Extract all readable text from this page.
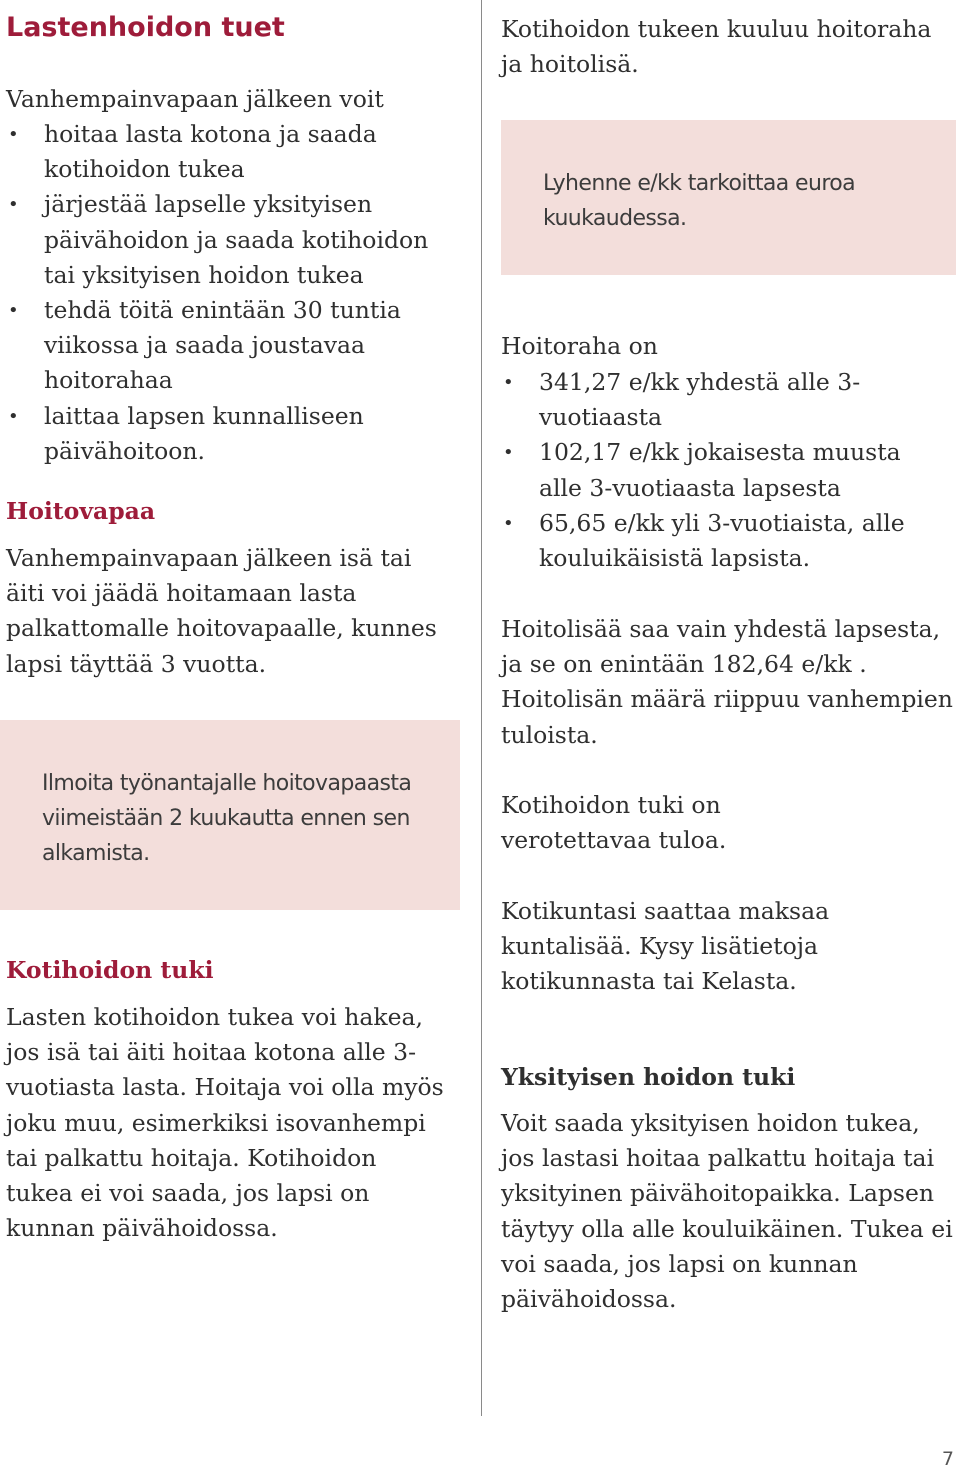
Lastenhoidon tuet

Vanhempainvapaan jälkeen voit

• hoitaa lasta kotona ja saada kotihoidon tukea
• järjestää lapselle yksityisen päivähoidon ja saada kotihoidon tai yksityisen hoidon tukea
• tehdä töitä enintään 30 tuntia viikossa ja saada joustavaa hoitorahaa
• laittaa lapsen kunnalliseen päivähoitoon.
Hoitovapaa

Vanhempainvapaan jälkeen isä tai äiti voi jäädä hoitamaan lasta palkattomalle hoitovapaalle, kunnes lapsi täyttää 3 vuotta.

Ilmoita työnantajalle hoitovapaasta viimeistään 2 kuukautta ennen sen alkamista.

Kotihoidon tuki

Lasten kotihoidon tukea voi hakea, jos isä tai äiti hoitaa kotona alle 3-vuotiasta lasta. Hoitaja voi olla myös joku muu, esimerkiksi isovanhempi tai palkattu hoitaja. Kotihoidon tukea ei voi saada, jos lapsi on kunnan päivähoidossa.

Kotihoidon tukeen kuuluu hoitoraha ja hoitolisä.

Lyhenne e/kk tarkoittaa euroa kuukaudessa.

Hoitoraha on

• 341,27 e/kk yhdestä alle 3-vuotiaasta
• 102,17 e/kk jokaisesta muusta alle 3-vuotiaasta lapsesta
• 65,65 e/kk yli 3-vuotiaista, alle kouluikäisistä lapsista.

Hoitolisää saa vain yhdestä lapsesta, ja se on enintään 182,64 e/kk . Hoitolisän määrä riippuu vanhempien tuloista.

Kotihoidon tuki on verotettavaa tuloa.

Kotikuntasi saattaa maksaa kuntalisää. Kysy lisätietoja kotikunnasta tai Kelasta.

Yksityisen hoidon tuki

Voit saada yksityisen hoidon tukea, jos lastasi hoitaa palkattu hoitaja tai yksityinen päivähoitopaikka. Lapsen täytyy olla alle kouluikäinen. Tukea ei voi saada, jos lapsi on kunnan päivähoidossa.

7
